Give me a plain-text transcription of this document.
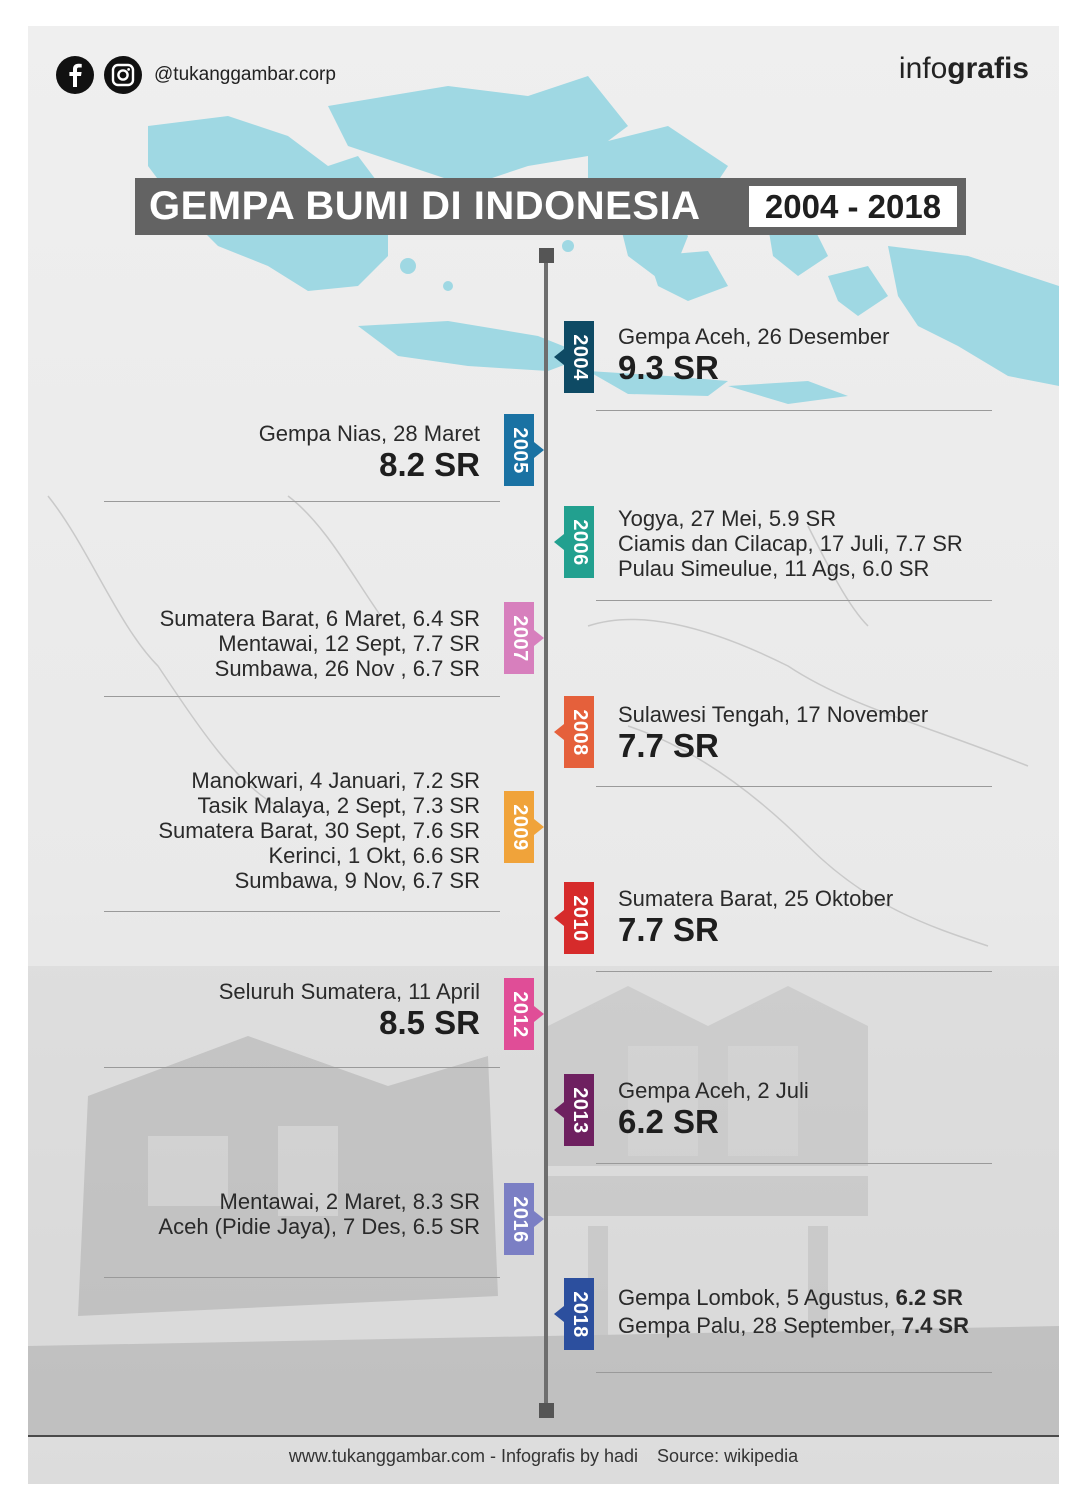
@tukanggambar.corp	infografis
GEMPA BUMI DI INDONESIA	2004 - 2018
2004 Gempa Aceh, 26 Desember
9.3 SR
2005
Gempa Nias, 28 Maret
8.2 SR
2006
Yogya, 27 Mei, 5.9 SR
Ciamis dan Cilacap, 17 Juli, 7.7 SR
Pulau Simeulue, 11 Ags, 6.0 SR
2007
Sumatera Barat, 6 Maret, 6.4 SR
Mentawai, 12 Sept, 7.7 SR
Sumbawa, 26 Nov , 6.7 SR
2008 Sulawesi Tengah, 17 November
7.7 SR
2009
Manokwari, 4 Januari, 7.2 SR
Tasik Malaya, 2 Sept, 7.3 SR
Sumatera Barat, 30 Sept, 7.6 SR
Kerinci, 1 Okt, 6.6 SR
Sumbawa, 9 Nov, 6.7 SR
2010 Sumatera Barat, 25 Oktober
7.7 SR
2012
Seluruh Sumatera, 11 April
8.5 SR
2013 Gempa Aceh, 2 Juli
6.2 SR
2016
Mentawai, 2 Maret, 8.3 SR
Aceh (Pidie Jaya), 7 Des, 6.5 SR
2018 Gempa Lombok, 5 Agustus, 6.2 SR
Gempa Palu, 28 September, 7.4 SR
www.tukanggambar.com - Infografis by hadi Source: wikipedia
